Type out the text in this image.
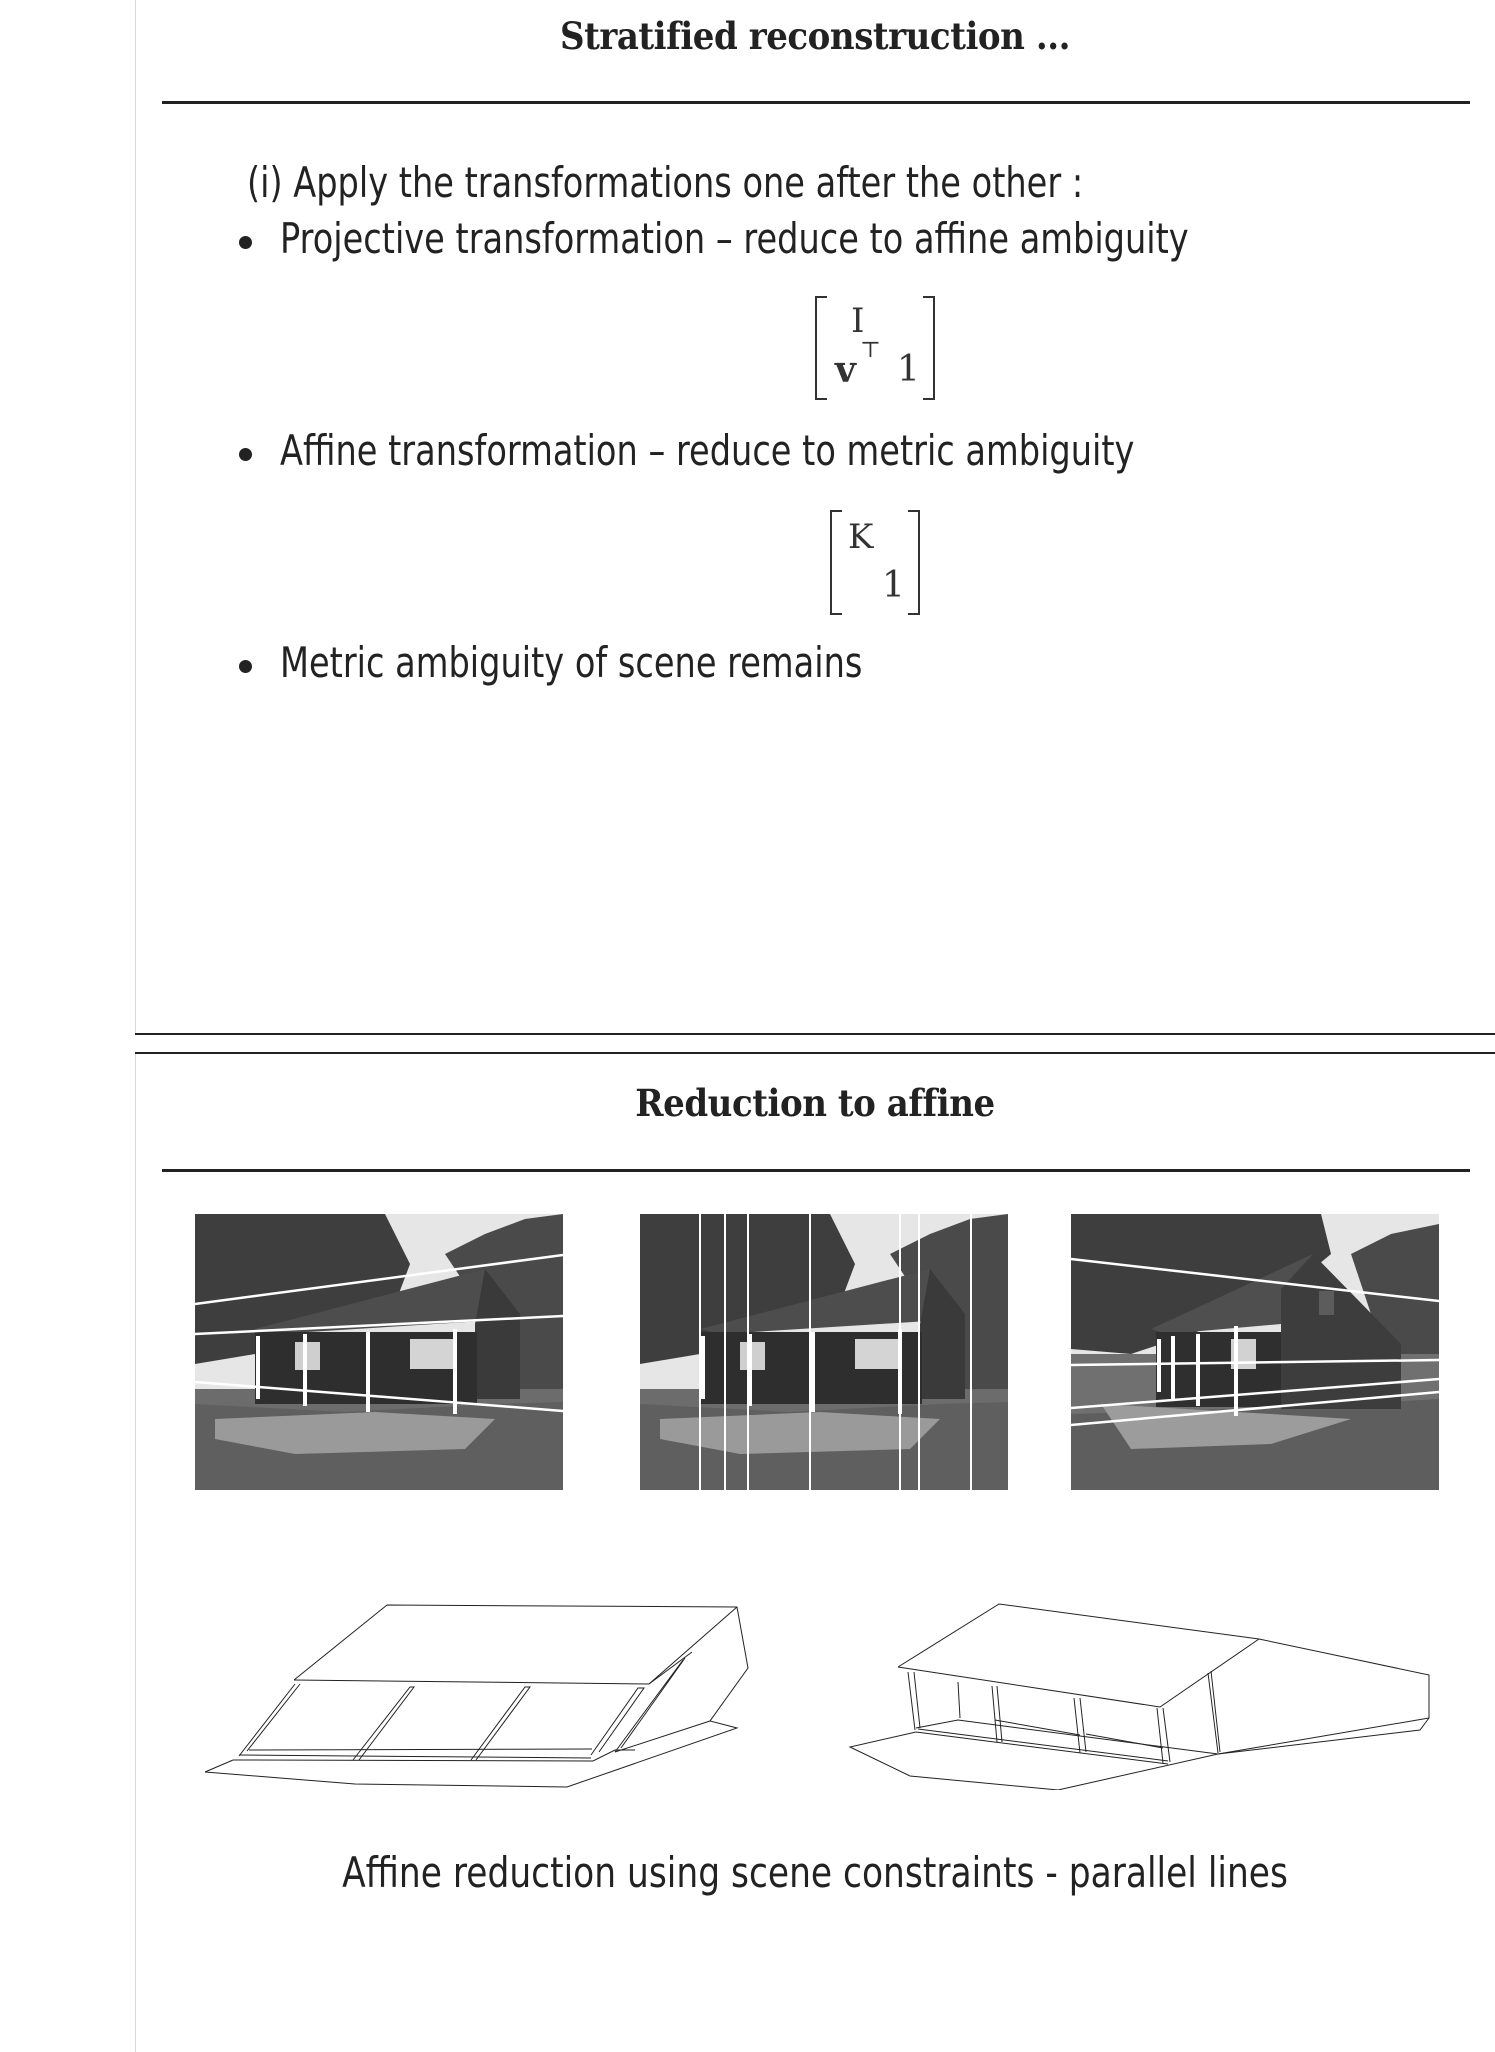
Stratified reconstruction ...
(i) Apply the transformations one after the other :
Projective transformation – reduce to affine ambiguity
I
v ⊤ 1
Affine transformation – reduce to metric ambiguity
K
1
Metric ambiguity of scene remains
Reduction to affine
Affine reduction using scene constraints - parallel lines
